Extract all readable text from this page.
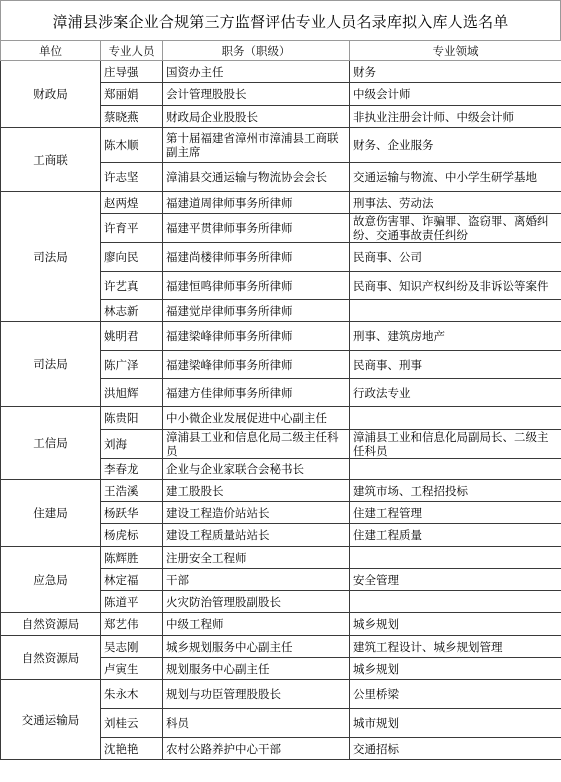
漳浦县涉案企业合规第三方监督评估专业人员名录库拟入库人选名单
单位	专业人员	职务（职级）	专业领域
财政局	庄导强	国资办主任	财务
	郑丽娟	会计管理股股长	中级会计师
	蔡晓燕	财政局企业股股长	非执业注册会计师、中级会计师
工商联	陈木顺	第十届福建省漳州市漳浦县工商联副主席	财务、企业服务
	许志坚	漳浦县交通运输与物流协会会长	交通运输与物流、中小学生研学基地
司法局	赵两煌	福建道周律师事务所律师	刑事法、劳动法
	许育平	福建平贯律师事务所律师	故意伤害罪、诈骗罪、盗窃罪、离婚纠纷、交通事故责任纠纷
	廖向民	福建尚楼律师事务所律师	民商事、公司
	许艺真	福建恒鸣律师事务所律师	民商事、知识产权纠纷及非诉讼等案件
	林志新	福建觉岸律师事务所律师	
司法局	姚明君	福建梁峰律师事务所律师	刑事、建筑房地产
	陈广泽	福建梁峰律师事务所律师	民商事、刑事
	洪旭辉	福建方佳律师事务所律师	行政法专业
工信局	陈贵阳	中小微企业发展促进中心副主任	
	刘海	漳浦县工业和信息化局二级主任科员	漳浦县工业和信息化局副局长、二级主任科员
	李春龙	企业与企业家联合会秘书长	
住建局	王浩溪	建工股股长	建筑市场、工程招投标
	杨跃华	建设工程造价站站长	住建工程管理
	杨虎标	建设工程质量站站长	住建工程质量
应急局	陈辉胜	注册安全工程师	
	林定福	干部	安全管理
	陈道平	火灾防治管理股副股长	
自然资源局	郑艺伟	中级工程师	城乡规划
自然资源局	吴志刚	城乡规划服务中心副主任	建筑工程设计、城乡规划管理
	卢寅生	规划服务中心副主任	城乡规划
交通运输局	朱永木	规划与功臣管理股股长	公里桥梁
	刘桂云	科员	城市规划
	沈艳艳	农村公路养护中心干部	交通招标
